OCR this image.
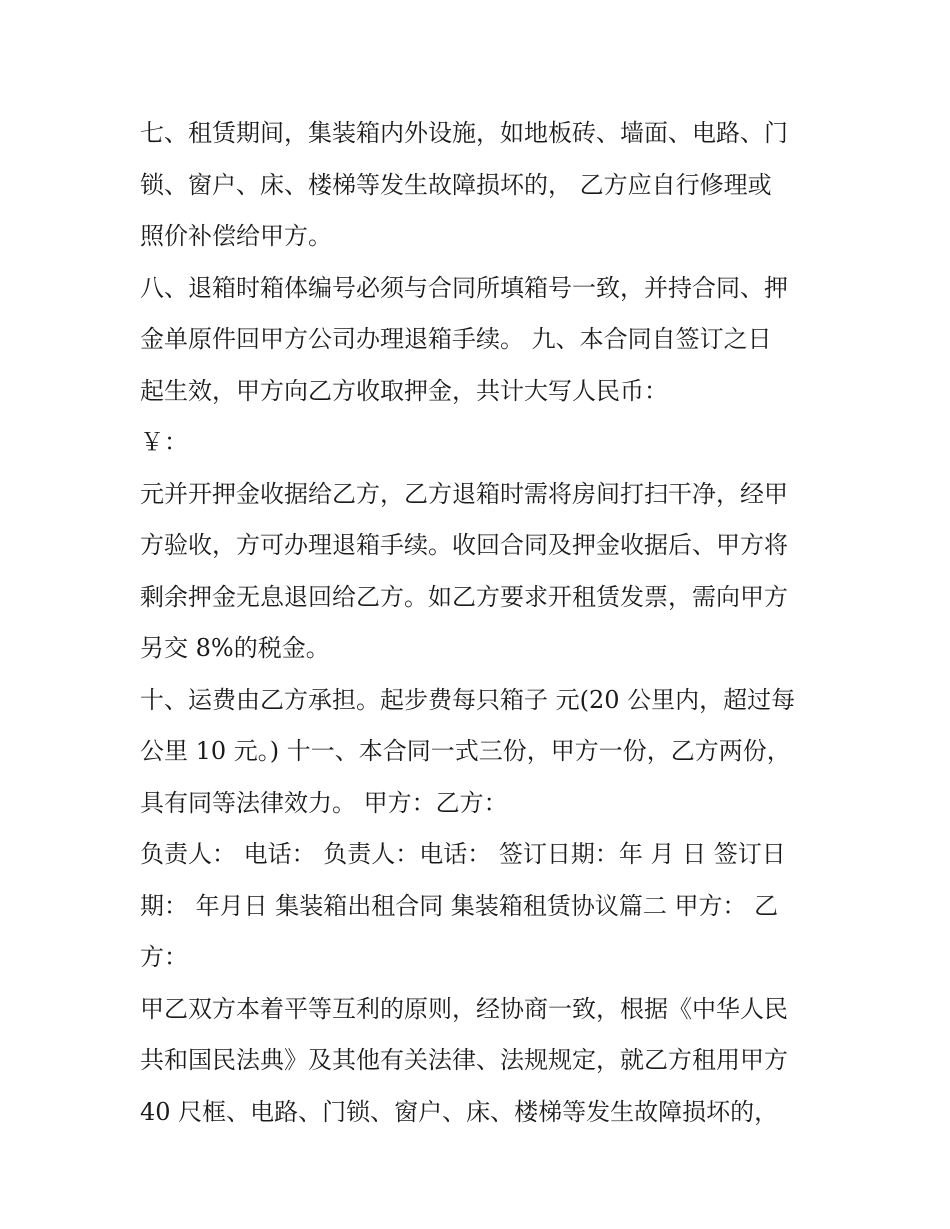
七、租赁期间，集装箱内外设施，如地板砖、墙面、电路、门
锁、窗户、床、楼梯等发生故障损坏的， 乙方应自行修理或
照价补偿给甲方。
八、退箱时箱体编号必须与合同所填箱号一致，并持合同、押
金单原件回甲方公司办理退箱手续。 九、本合同自签订之日
起生效，甲方向乙方收取押金，共计大写人民币：
￥：
元并开押金收据给乙方，乙方退箱时需将房间打扫干净，经甲
方验收，方可办理退箱手续。收回合同及押金收据后、甲方将
剩余押金无息退回给乙方。如乙方要求开租赁发票，需向甲方
另交 8%的税金。
十、运费由乙方承担。起步费每只箱子 元(20 公里内，超过每
公里 10 元。) 十一、本合同一式三份，甲方一份，乙方两份，
具有同等法律效力。 甲方：乙方：
负责人： 电话： 负责人：电话： 签订日期：年 月 日 签订日
期： 年月日 集装箱出租合同 集装箱租赁协议篇二 甲方： 乙
方：
甲乙双方本着平等互利的原则，经协商一致，根据《中华人民
共和国民法典》及其他有关法律、法规规定，就乙方租用甲方
40 尺框、电路、门锁、窗户、床、楼梯等发生故障损坏的，
